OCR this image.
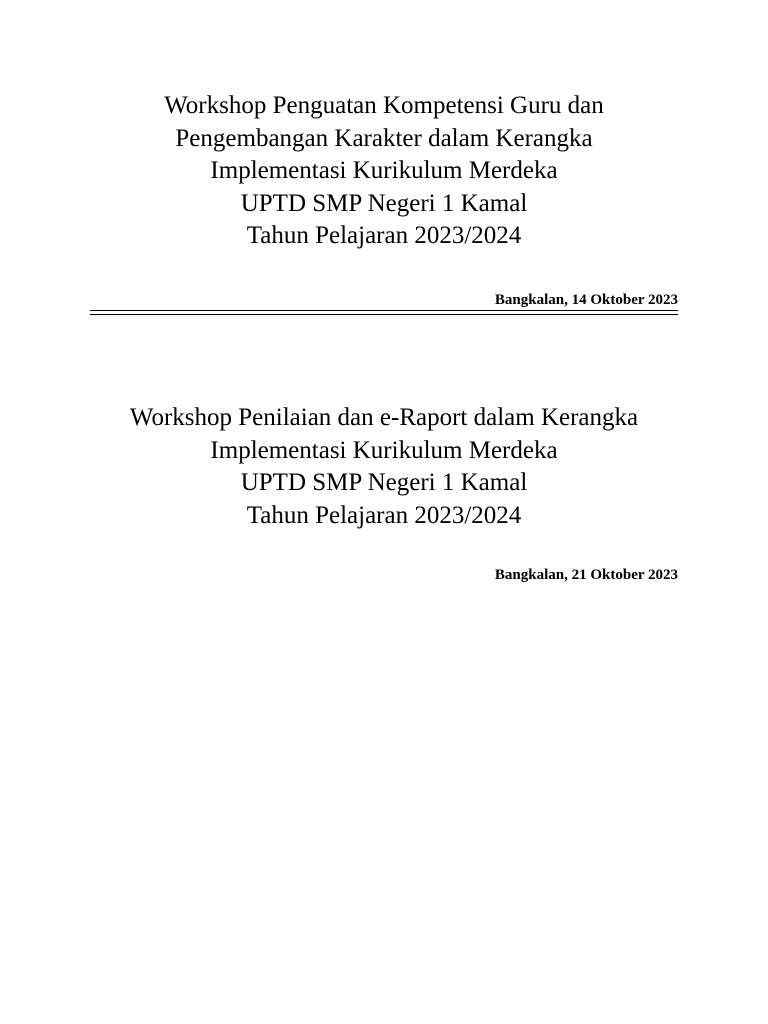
Workshop Penguatan Kompetensi Guru dan
Pengembangan Karakter dalam Kerangka
Implementasi Kurikulum Merdeka
UPTD SMP Negeri 1 Kamal
Tahun Pelajaran 2023/2024
Bangkalan, 14 Oktober 2023
Workshop Penilaian dan e-Raport dalam Kerangka
Implementasi Kurikulum Merdeka
UPTD SMP Negeri 1 Kamal
Tahun Pelajaran 2023/2024
Bangkalan, 21 Oktober 2023
